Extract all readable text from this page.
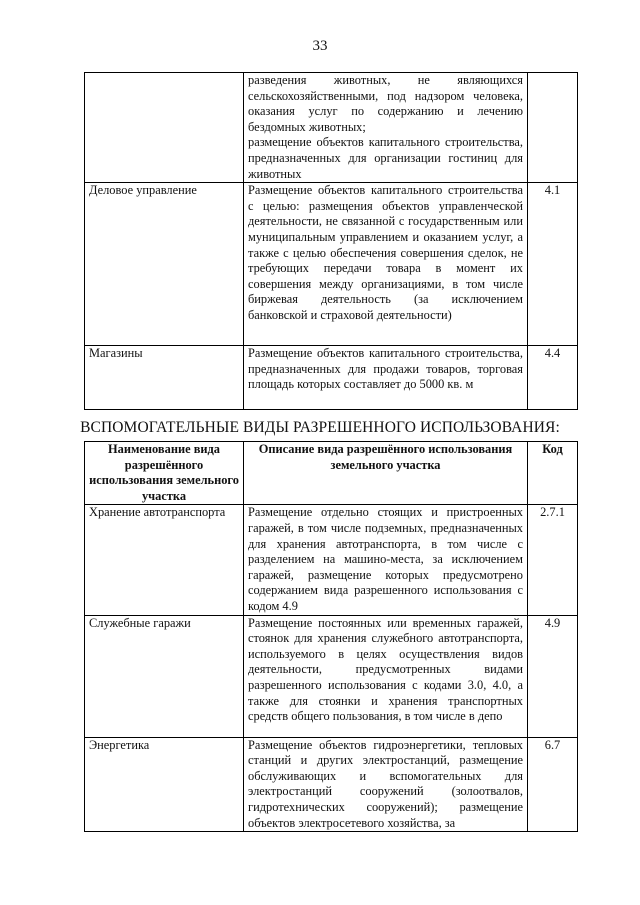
33

	разведения животных, не являющихся сельскохозяйственными, под надзором человека, оказания услуг по содержанию и лечению бездомных животных;
размещение объектов капитального строительства, предназначенных для организации гостиниц для животных	

Деловое управление	Размещение объектов капитального строительства с целью: размещения объектов управленческой деятельности, не связанной с государственным или муниципальным управлением и оказанием услуг, а также с целью обеспечения совершения сделок, не требующих передачи товара в момент их совершения между организациями, в том числе биржевая деятельность (за исключением банковской и страховой деятельности)	4.1
Магазины	Размещение объектов капитального строительства, предназначенных для продажи товаров, торговая площадь которых составляет до 5000 кв. м	4.4
ВСПОМОГАТЕЛЬНЫЕ ВИДЫ РАЗРЕШЕННОГО ИСПОЛЬЗОВАНИЯ:
Наименование вида разрешённого использования земельного участка	Описание вида разрешённого использования земельного участка	Код
Хранение автотранспорта	Размещение отдельно стоящих и пристроенных гаражей, в том числе подземных, предназначенных для хранения автотранспорта, в том числе с разделением на машино-места, за исключением гаражей, размещение которых предусмотрено содержанием вида разрешенного использования с кодом 4.9	2.7.1
Служебные гаражи	Размещение постоянных или временных гаражей, стоянок для хранения служебного автотранспорта, используемого в целях осуществления видов деятельности, предусмотренных видами разрешенного использования с кодами 3.0, 4.0, а также для стоянки и хранения транспортных средств общего пользования, в том числе в депо	4.9
Энергетика	Размещение объектов гидроэнергетики, тепловых станций и других электростанций, размещение обслуживающих и вспомогательных для электростанций сооружений (золоотвалов, гидротехнических сооружений); размещение объектов электросетевого хозяйства, за	6.7
